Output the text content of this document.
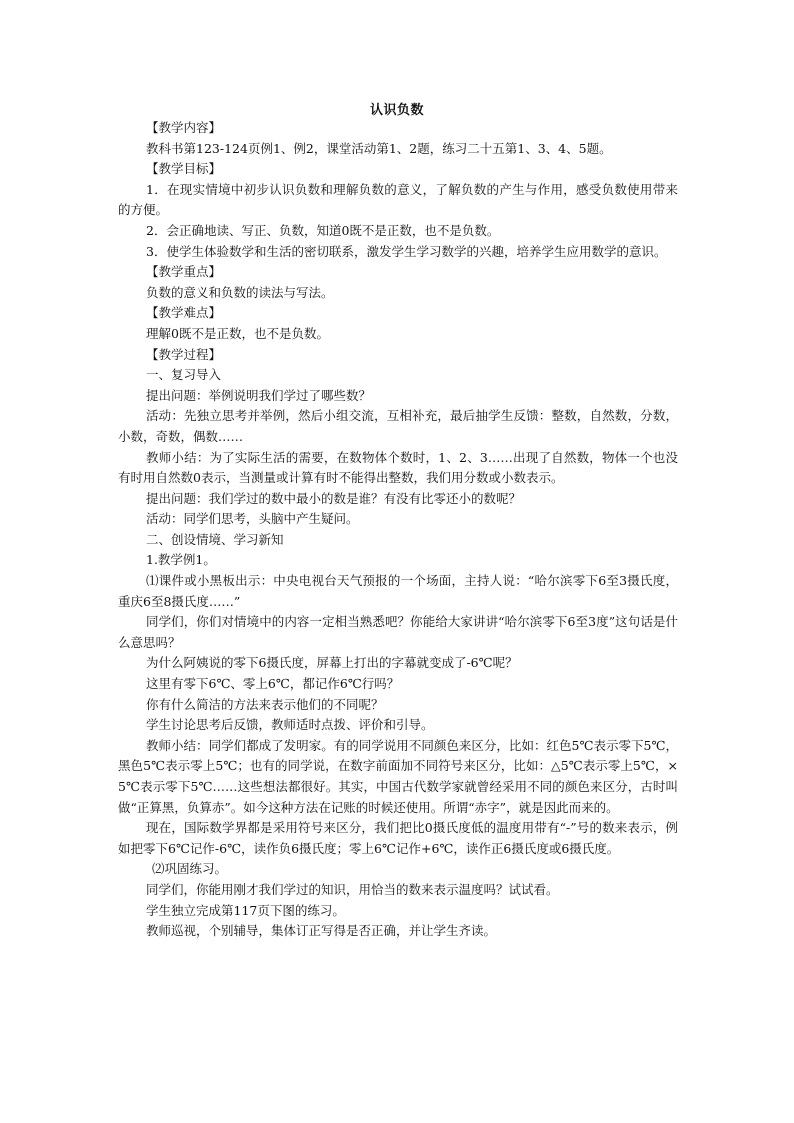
认识负数

【教学内容】

教科书第123-124页例1、例2，课堂活动第1、2题，练习二十五第1、3、4、5题。

【教学目标】

1．在现实情境中初步认识负数和理解负数的意义，了解负数的产生与作用，感受负数使用带来的方便。

2．会正确地读、写正、负数，知道0既不是正数，也不是负数。

3．使学生体验数学和生活的密切联系，激发学生学习数学的兴趣，培养学生应用数学的意识。

【教学重点】

负数的意义和负数的读法与写法。

【教学难点】

理解0既不是正数，也不是负数。

【教学过程】

一、复习导入

提出问题：举例说明我们学过了哪些数？

活动：先独立思考并举例，然后小组交流，互相补充，最后抽学生反馈：整数，自然数，分数，小数，奇数，偶数……

教师小结：为了实际生活的需要，在数物体个数时，1、2、3……出现了自然数，物体一个也没有时用自然数0表示，当测量或计算有时不能得出整数，我们用分数或小数表示。

提出问题：我们学过的数中最小的数是谁？有没有比零还小的数呢？

活动：同学们思考，头脑中产生疑问。

二、创设情境、学习新知

1.教学例1。

⑴课件或小黑板出示：中央电视台天气预报的一个场面，主持人说：“哈尔滨零下6至3摄氏度，重庆6至8摄氏度……”

同学们，你们对情境中的内容一定相当熟悉吧？你能给大家讲讲“哈尔滨零下6至3度”这句话是什么意思吗？

为什么阿姨说的零下6摄氏度，屏幕上打出的字幕就变成了-6℃呢？

这里有零下6℃、零上6℃，都记作6℃行吗？

你有什么简洁的方法来表示他们的不同呢？

学生讨论思考后反馈，教师适时点拨、评价和引导。

教师小结：同学们都成了发明家。有的同学说用不同颜色来区分，比如：红色5℃表示零下5℃，黑色5℃表示零上5℃；也有的同学说，在数字前面加不同符号来区分，比如：△5℃表示零上5℃，×5℃表示零下5℃……这些想法都很好。其实，中国古代数学家就曾经采用不同的颜色来区分，古时叫做“正算黑，负算赤”。如今这种方法在记账的时候还使用。所谓“赤字”，就是因此而来的。

现在，国际数学界都是采用符号来区分，我们把比0摄氏度低的温度用带有“-”号的数来表示，例如把零下6℃记作-6℃，读作负6摄氏度；零上6℃记作+6℃，读作正6摄氏度或6摄氏度。

⑵巩固练习。

同学们，你能用刚才我们学过的知识，用恰当的数来表示温度吗？试试看。

学生独立完成第117页下图的练习。

教师巡视，个别辅导，集体订正写得是否正确，并让学生齐读。
